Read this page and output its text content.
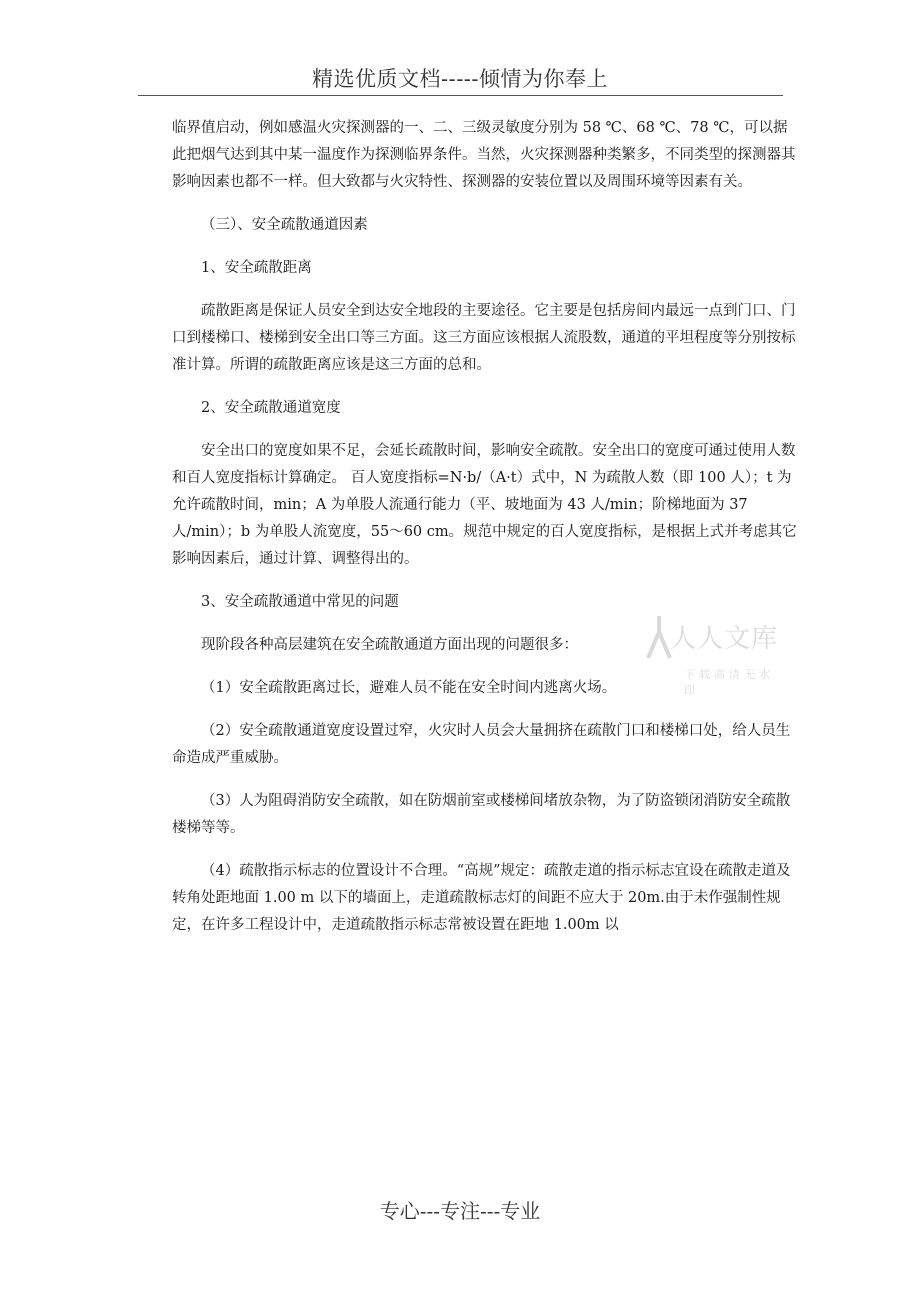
精选优质文档-----倾情为你奉上

临界值启动，例如感温火灾探测器的一、二、三级灵敏度分别为 58 ℃、68 ℃、78 ℃，可以据此把烟气达到其中某一温度作为探测临界条件。当然，火灾探测器种类繁多，不同类型的探测器其影响因素也都不一样。但大致都与火灾特性、探测器的安装位置以及周围环境等因素有关。

（三）、安全疏散通道因素

1、安全疏散距离

疏散距离是保证人员安全到达安全地段的主要途径。它主要是包括房间内最远一点到门口、门口到楼梯口、楼梯到安全出口等三方面。这三方面应该根据人流股数，通道的平坦程度等分别按标准计算。所谓的疏散距离应该是这三方面的总和。

2、安全疏散通道宽度

安全出口的宽度如果不足，会延长疏散时间，影响安全疏散。安全出口的宽度可通过使用人数和百人宽度指标计算确定。 百人宽度指标=N·b/（A·t）式中，N 为疏散人数（即 100 人）；t 为允许疏散时间，min；A 为单股人流通行能力（平、坡地面为 43 人/min；阶梯地面为 37 人/min）；b 为单股人流宽度，55～60 cm。规范中规定的百人宽度指标，是根据上式并考虑其它影响因素后，通过计算、调整得出的。

3、安全疏散通道中常见的问题

现阶段各种高层建筑在安全疏散通道方面出现的问题很多：

（1）安全疏散距离过长，避难人员不能在安全时间内逃离火场。

（2）安全疏散通道宽度设置过窄，火灾时人员会大量拥挤在疏散门口和楼梯口处，给人员生命造成严重威胁。

（3）人为阻碍消防安全疏散，如在防烟前室或楼梯间堵放杂物，为了防盗锁闭消防安全疏散楼梯等等。

（4）疏散指示标志的位置设计不合理。“高规”规定：疏散走道的指示标志宜设在疏散走道及转角处距地面 1.00 m 以下的墙面上，走道疏散标志灯的间距不应大于 20m.由于未作强制性规定，在许多工程设计中，走道疏散指示标志常被设置在距地 1.00m 以

人人文库
下载高清无水印
专心---专注---专业
